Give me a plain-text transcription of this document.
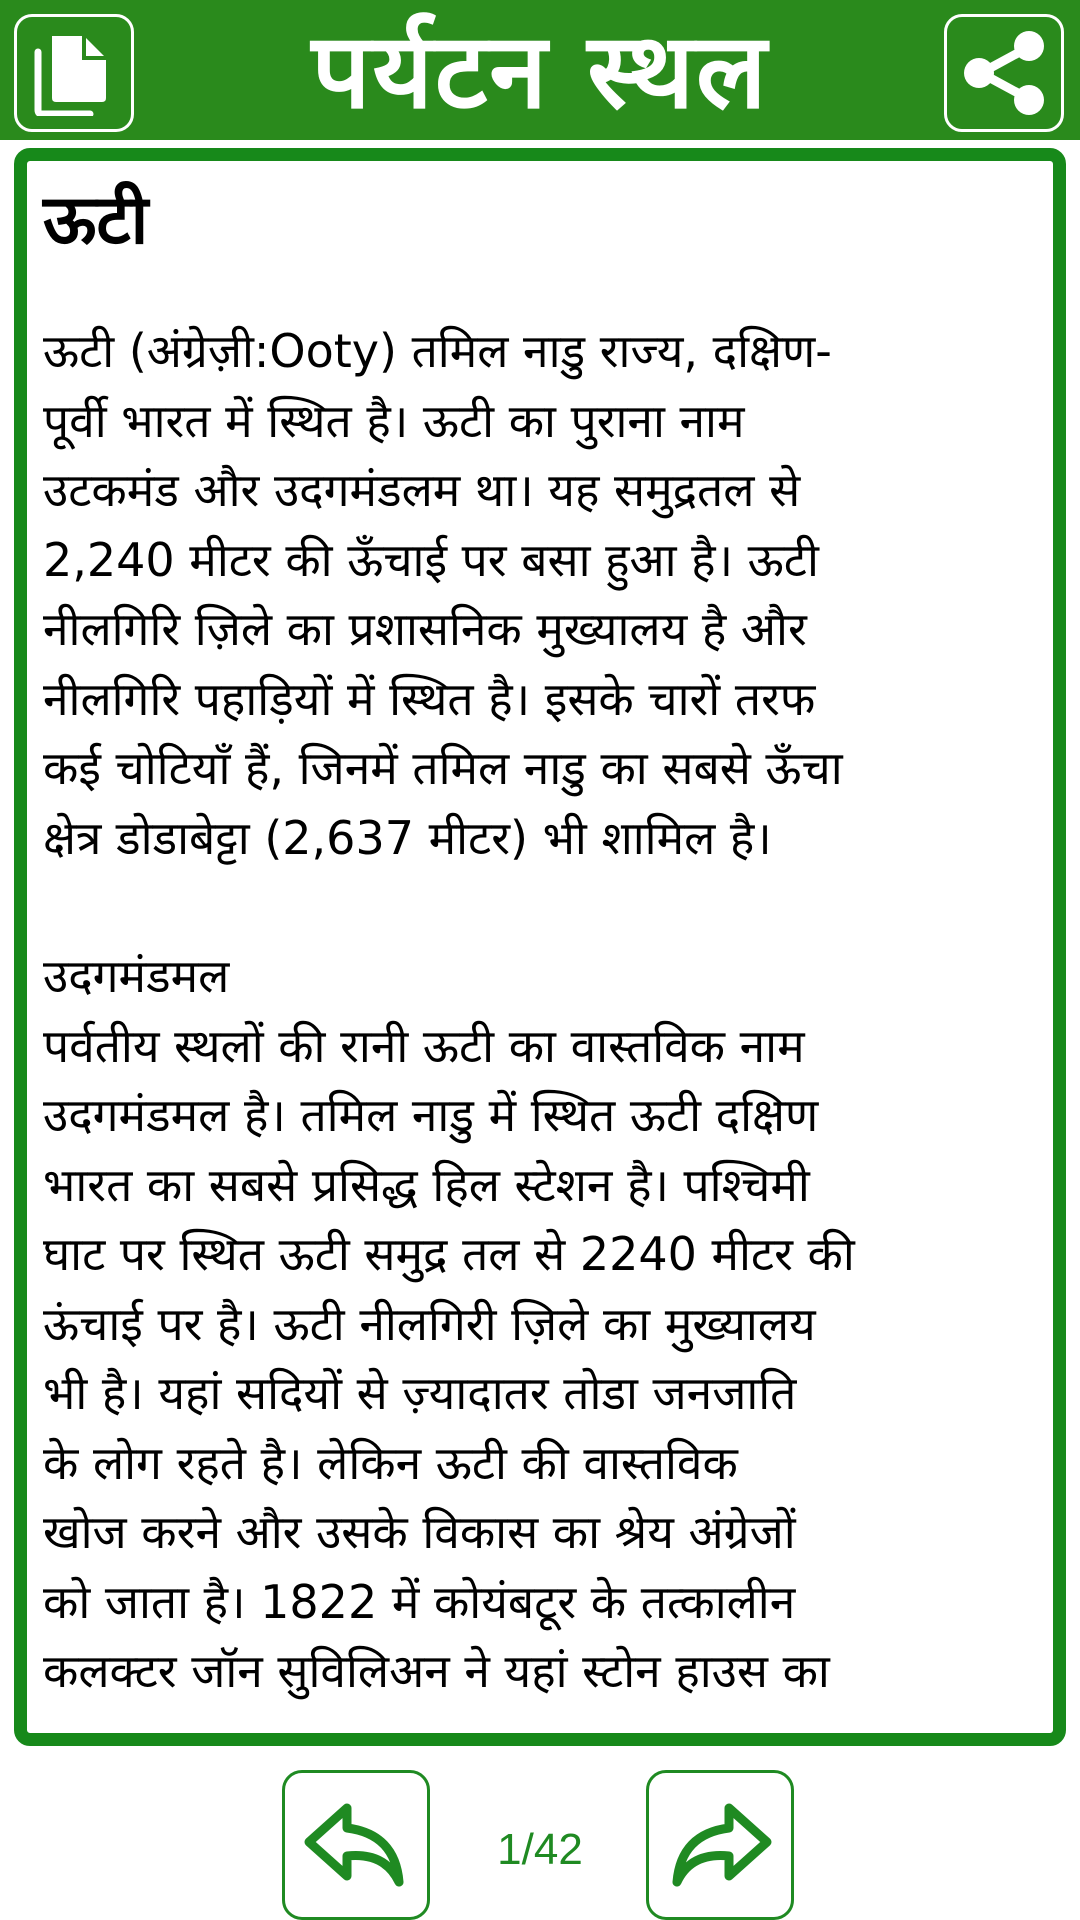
पर्यटन स्थल
ऊटी

ऊटी (अंग्रेज़ी:Ooty) तमिल नाडु राज्य, दक्षिण-
पूर्वी भारत में स्थित है। ऊटी का पुराना नाम
उटकमंड और उदगमंडलम था। यह समुद्रतल से
2,240 मीटर की ऊँचाई पर बसा हुआ है। ऊटी
नीलगिरि ज़िले का प्रशासनिक मुख्यालय है और
नीलगिरि पहाड़ियों में स्थित है। इसके चारों तरफ
कई चोटियाँ हैं, जिनमें तमिल नाडु का सबसे ऊँचा
क्षेत्र डोडाबेट्टा (2,637 मीटर) भी शामिल है।

उदगमंडमल

पर्वतीय स्थलों की रानी ऊटी का वास्तविक नाम
उदगमंडमल है। तमिल नाडु में स्थित ऊटी दक्षिण
भारत का सबसे प्रसिद्ध हिल स्टेशन है। पश्चिमी
घाट पर स्थित ऊटी समुद्र तल से 2240 मीटर की
ऊंचाई पर है। ऊटी नीलगिरी ज़िले का मुख्यालय
भी है। यहां सदियों से ज़्यादातर तोडा जनजाति
के लोग रहते है। लेकिन ऊटी की वास्तविक
खोज करने और उसके विकास का श्रेय अंग्रेजों
को जाता है। 1822 में कोयंबटूर के तत्कालीन
कलक्टर जॉन सुविलिअन ने यहां स्टोन हाउस का

1/42
